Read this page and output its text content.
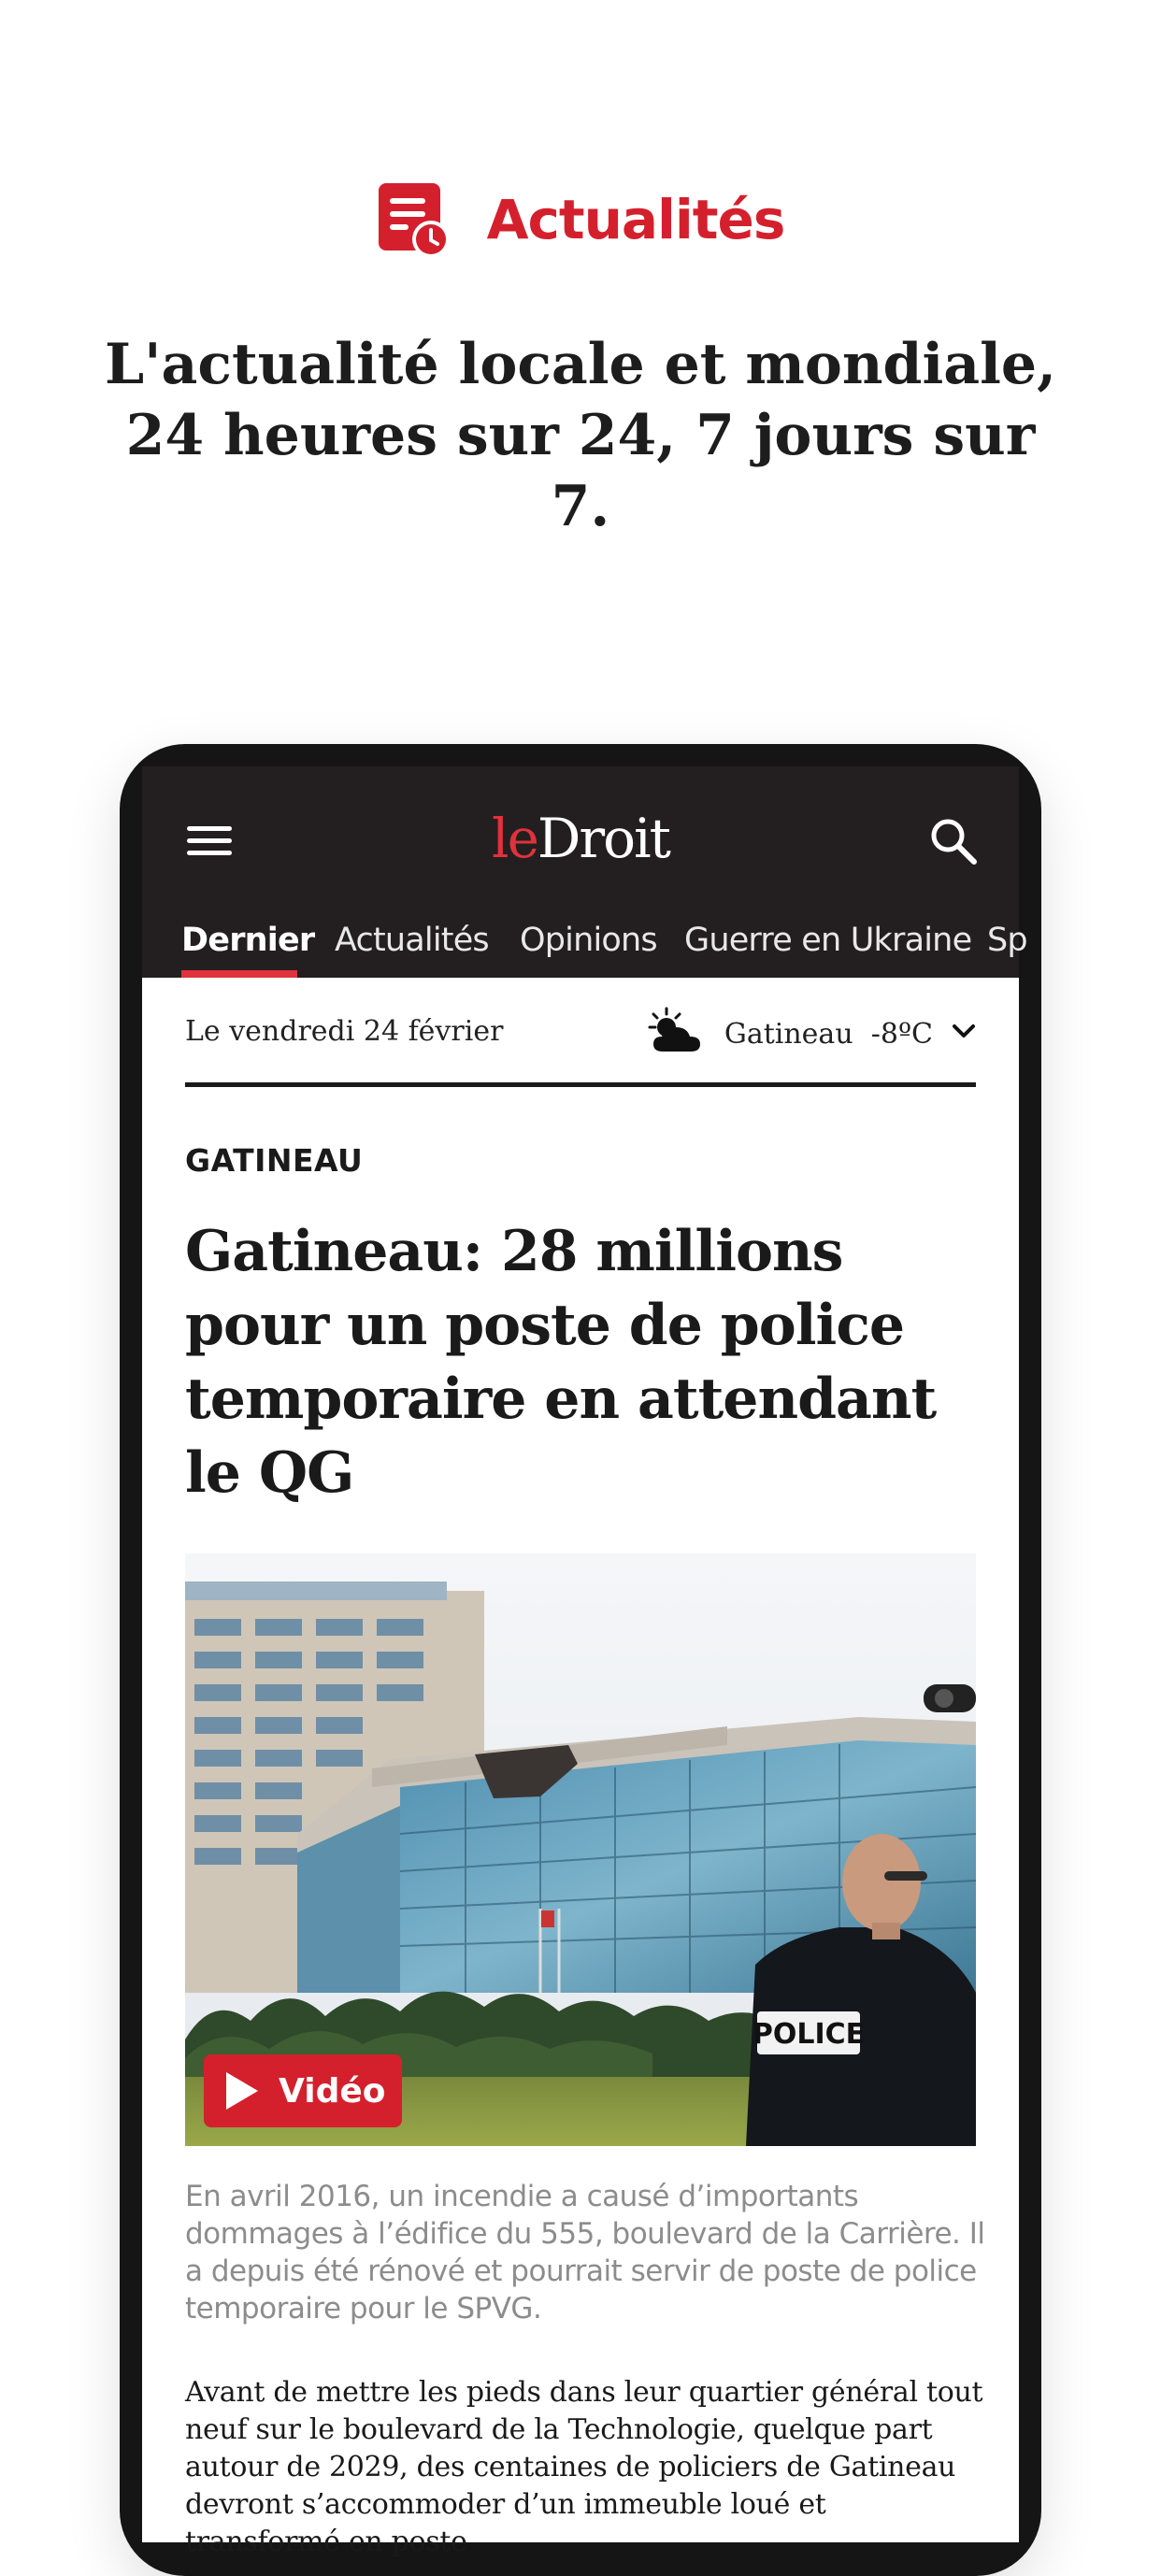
Actualités
L'actualité locale et mondiale, 24 heures sur 24, 7 jours sur 7.
leDroit
Dernier Actualités Opinions Guerre en Ukraine Sp
Le vendredi 24 février	Gatineau  -8ºC
GATINEAU
Gatineau: 28 millions pour un poste de police temporaire en attendant le QG
POLICE
Vidéo
En avril 2016, un incendie a causé d’importants dommages à l’édifice du 555, boulevard de la Carrière. Il a depuis été rénové et pourrait servir de poste de police temporaire pour le SPVG.
Avant de mettre les pieds dans leur quartier général tout neuf sur le boulevard de la Technologie, quelque part autour de 2029, des centaines de policiers de Gatineau devront s’accommoder d’un immeuble loué et transformé en poste
